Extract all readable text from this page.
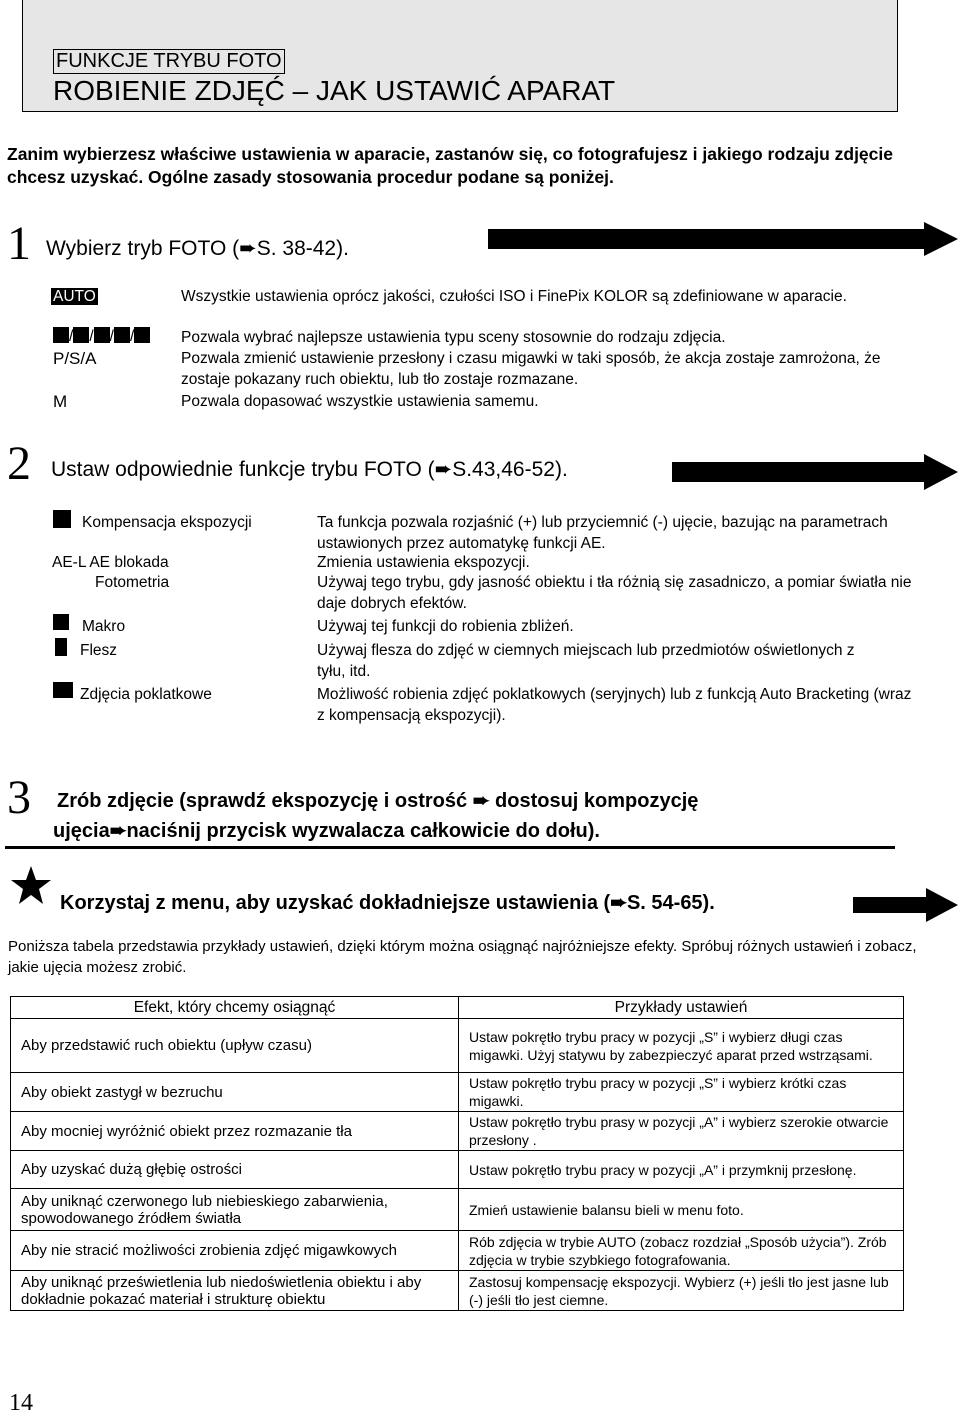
FUNKCJE TRYBU FOTO
ROBIENIE ZDJĘĆ – JAK USTAWIĆ APARAT
Zanim wybierzesz właściwe ustawienia w aparacie, zastanów się, co fotografujesz i jakiego rodzaju zdjęcie chcesz uzyskać. Ogólne zasady stosowania procedur podane są poniżej.
1 Wybierz tryb FOTO (➨S. 38-42).
AUTO	Wszystkie ustawienia oprócz jakości, czułości ISO i FinePix KOLOR są zdefiniowane w aparacie.
/ / / /	Pozwala wybrać najlepsze ustawienia typu sceny stosownie do rodzaju zdjęcia.
P/S/A	Pozwala zmienić ustawienie przesłony i czasu migawki w taki sposób, że akcja zostaje zamrożona, że zostaje pokazany ruch obiektu, lub tło zostaje rozmazane.
M	Pozwala dopasować wszystkie ustawienia samemu.
2 Ustaw odpowiednie funkcje trybu FOTO (➨S.43,46-52).
Kompensacja ekspozycji	Ta funkcja pozwala rozjaśnić (+) lub przyciemnić (-) ujęcie, bazując na parametrach ustawionych przez automatykę funkcji AE.
AE-L AE blokada	Zmienia ustawienia ekspozycji.
Fotometria	Używaj tego trybu, gdy jasność obiektu i tła różnią się zasadniczo, a pomiar światła nie daje dobrych efektów.
Makro	Używaj tej funkcji do robienia zbliżeń.
Flesz	Używaj flesza do zdjęć w ciemnych miejscach lub przedmiotów oświetlonych z tyłu, itd.
Zdjęcia poklatkowe	Możliwość robienia zdjęć poklatkowych (seryjnych) lub z funkcją Auto Bracketing (wraz z kompensacją ekspozycji).
3 Zrób zdjęcie (sprawdź ekspozycję i ostrość ➨ dostosuj kompozycję
ujęcia➨naciśnij przycisk wyzwalacza całkowicie do dołu).
Korzystaj z menu, aby uzyskać dokładniejsze ustawienia (➨S. 54-65).
Poniższa tabela przedstawia przykłady ustawień, dzięki którym można osiągnąć najróżniejsze efekty. Spróbuj różnych ustawień i zobacz, jakie ujęcia możesz zrobić.
Efekt, który chcemy osiągnąć	Przykłady ustawień
Aby przedstawić ruch obiektu (upływ czasu)	Ustaw pokrętło trybu pracy w pozycji „S” i wybierz długi czas migawki. Użyj statywu by zabezpieczyć aparat przed wstrząsami.
Aby obiekt zastygł w bezruchu	Ustaw pokrętło trybu pracy w pozycji „S” i wybierz krótki czas migawki.
Aby mocniej wyróżnić obiekt przez rozmazanie tła	Ustaw pokrętło trybu prasy w pozycji „A” i wybierz szerokie otwarcie przesłony .
Aby uzyskać dużą głębię ostrości	Ustaw pokrętło trybu pracy w pozycji „A” i przymknij przesłonę.
Aby uniknąć czerwonego lub niebieskiego zabarwienia, spowodowanego źródłem światła	Zmień ustawienie balansu bieli w menu foto.
Aby nie stracić możliwości zrobienia zdjęć migawkowych	Rób zdjęcia w trybie AUTO (zobacz rozdział „Sposób użycia”). Zrób zdjęcia w trybie szybkiego fotografowania.
Aby uniknąć prześwietlenia lub niedoświetlenia obiektu i aby dokładnie pokazać materiał i strukturę obiektu	Zastosuj kompensację ekspozycji. Wybierz (+) jeśli tło jest jasne lub (-) jeśli tło jest ciemne.
14
